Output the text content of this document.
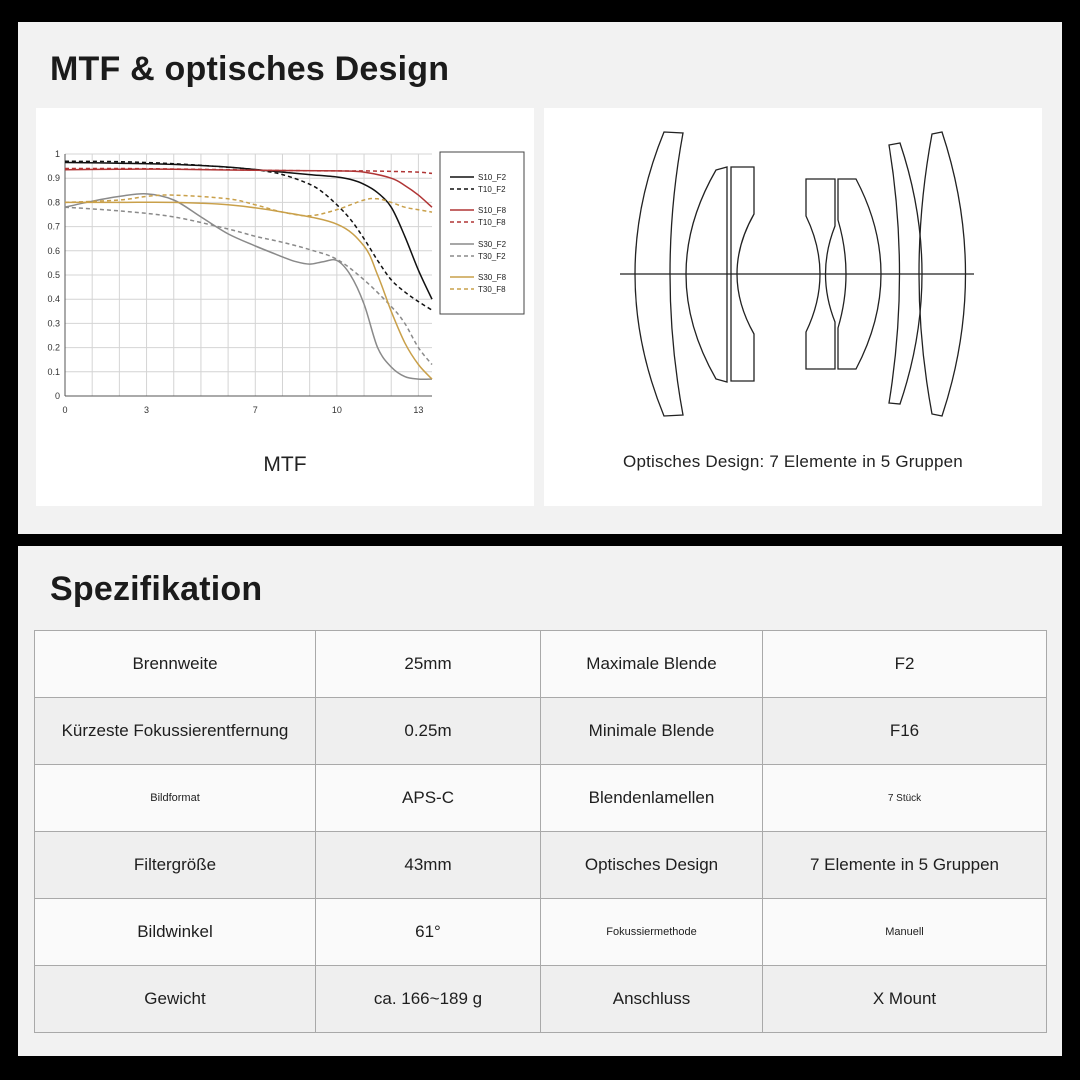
MTF & optisches Design
0
0.1
0.2
0.3
0.4
0.5
0.6
0.7
0.8
0.9
1
0	3	7	10	13
S10_F2
T10_F2
S10_F8
T10_F8
S30_F2
T30_F2
S30_F8
T30_F8
MTF	Optisches Design: 7 Elemente in 5 Gruppen
Spezifikation
Brennweite	25mm	Maximale Blende	F2
Kürzeste Fokussierentfernung	0.25m	Minimale Blende	F16
Bildformat	APS-C	Blendenlamellen	7 Stück
Filtergröße	43mm	Optisches Design	7 Elemente in 5 Gruppen
Bildwinkel	61°	Fokussiermethode	Manuell
Gewicht	ca. 166~189 g	Anschluss	X Mount
